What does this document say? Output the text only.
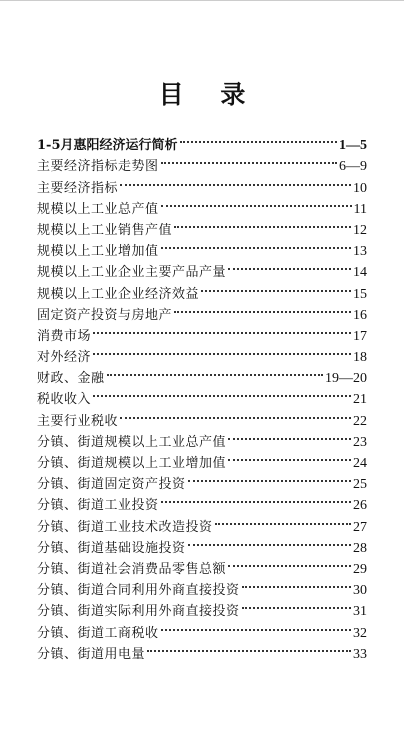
目 录
1-5月惠阳经济运行简析	1—5
主要经济指标走势图	6—9
主要经济指标	10
规模以上工业总产值	11
规模以上工业销售产值	12
规模以上工业增加值	13
规模以上工业企业主要产品产量	14
规模以上工业企业经济效益	15
固定资产投资与房地产	16
消费市场	17
对外经济	18
财政、金融	19—20
税收收入	21
主要行业税收	22
分镇、街道规模以上工业总产值	23
分镇、街道规模以上工业增加值	24
分镇、街道固定资产投资	25
分镇、街道工业投资	26
分镇、街道工业技术改造投资	27
分镇、街道基础设施投资	28
分镇、街道社会消费品零售总额	29
分镇、街道合同利用外商直接投资	30
分镇、街道实际利用外商直接投资	31
分镇、街道工商税收	32
分镇、街道用电量	33
